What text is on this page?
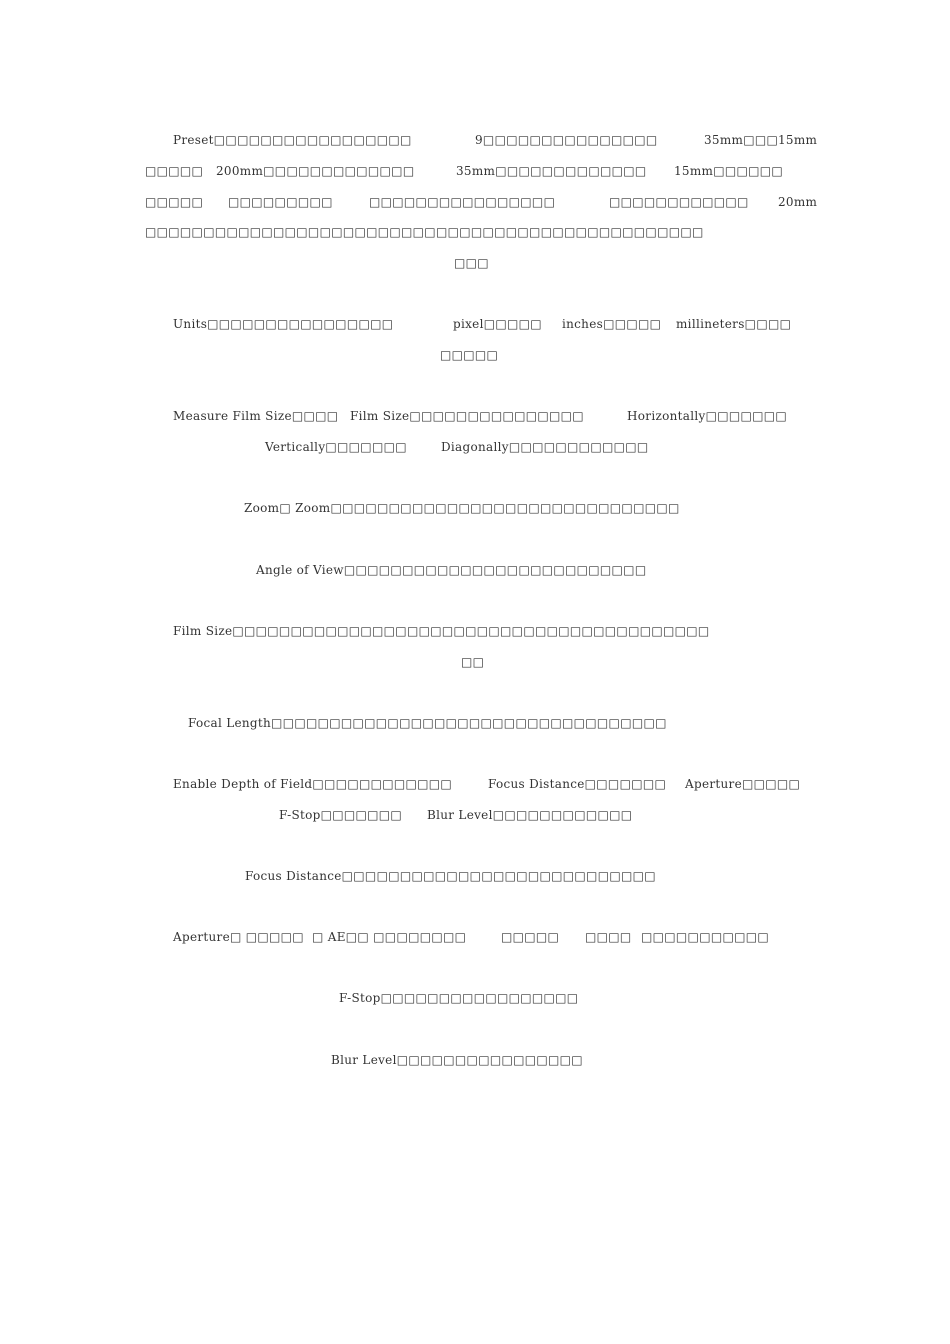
Preset□□□□□□□□□□□□□□□□□	9□□□□□□□□□□□□□□□	35mm□□□ 15mm
□□□□□ 200mm□□□□□□□□□□□□□	35mm□□□□□□□□□□□□□ 15mm□□□□□□
□□□□□ □□□□□□□□□	□□□□□□□□□□□□□□□□	□□□□□□□□□□□□ 20mm
□□□□□□□□□□□□□□□□□□□□□□□□□□□□□□□□□□□□□□□□□□□□□□□□
□□□
Units□□□□□□□□□□□□□□□□	pixel□□□□□ inches□□□□□ millineters□□□□
□□□□□
Measure Film Size□□□□ Film Size□□□□□□□□□□□□□□□	Horizontally□□□□□□□
Vertically□□□□□□□	Diagonally□□□□□□□□□□□□
Zoom□ Zoom□□□□□□□□□□□□□□□□□□□□□□□□□□□□□□
Angle of View□□□□□□□□□□□□□□□□□□□□□□□□□□
Film Size□□□□□□□□□□□□□□□□□□□□□□□□□□□□□□□□□□□□□□□□□
□□
Focal Length□□□□□□□□□□□□□□□□□□□□□□□□□□□□□□□□□□
Enable Depth of Field□□□□□□□□□□□□	Focus Distance□□□□□□□ Aperture□□□□□
F-Stop□□□□□□□ Blur Level□□□□□□□□□□□□
Focus Distance□□□□□□□□□□□□□□□□□□□□□□□□□□□
Aperture□ □□□□□ □ AE□□ □□□□□□□□	□□□□□ □□□□ □□□□□□□□□□□
F-Stop□□□□□□□□□□□□□□□□□
Blur Level□□□□□□□□□□□□□□□□
